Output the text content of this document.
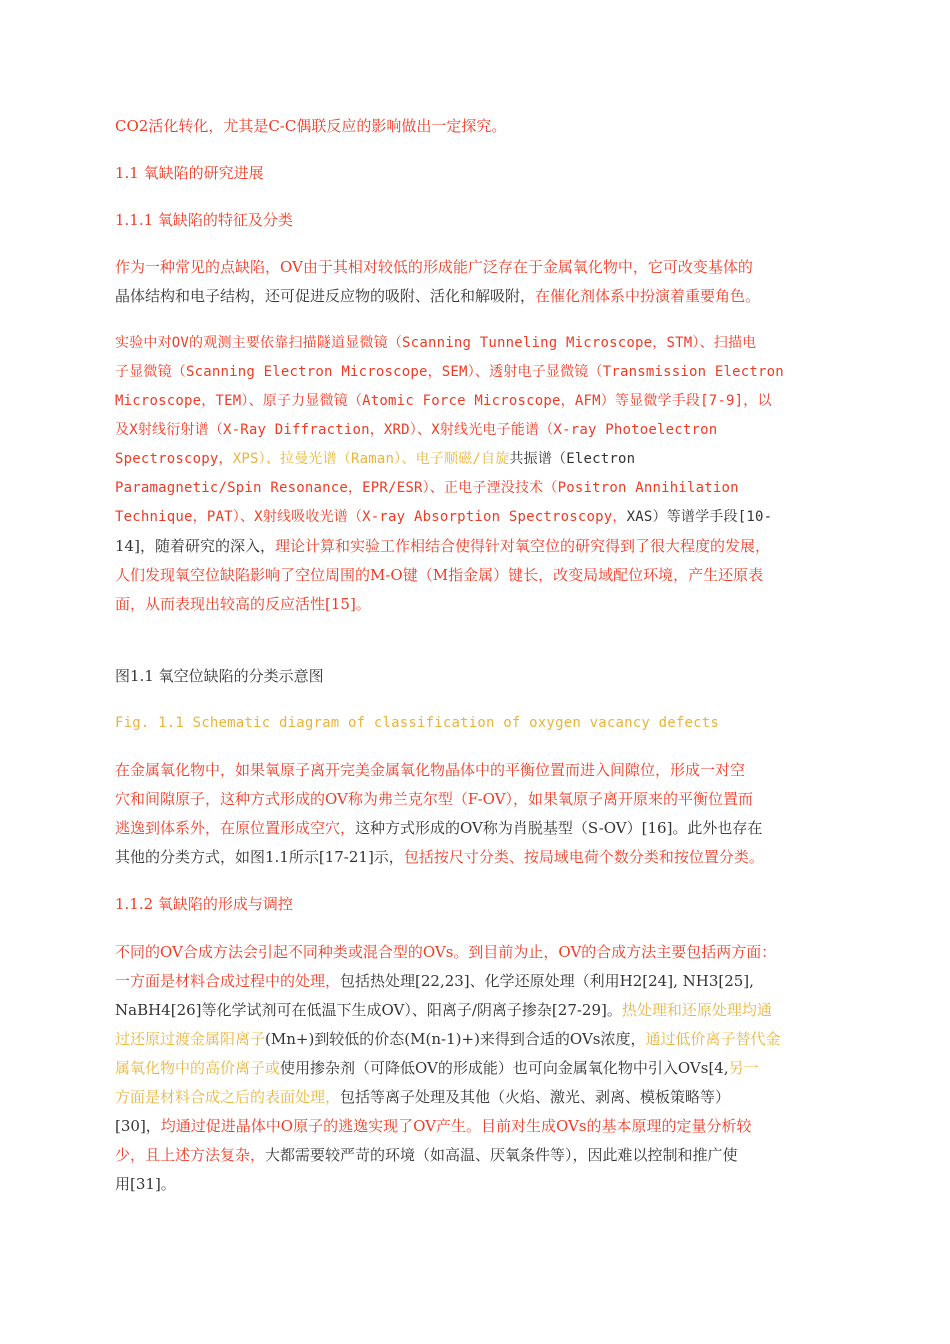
CO2活化转化，尤其是C-C偶联反应的影响做出一定探究。
1.1 氧缺陷的研究进展
1.1.1 氧缺陷的特征及分类
作为一种常见的点缺陷，OV由于其相对较低的形成能广泛存在于金属氧化物中，它可改变基体的
晶体结构和电子结构，还可促进反应物的吸附、活化和解吸附，在催化剂体系中扮演着重要角色。
实验中对OV的观测主要依靠扫描隧道显微镜（Scanning Tunneling Microscope，STM）、扫描电
子显微镜（Scanning Electron Microscope，SEM）、透射电子显微镜（Transmission Electron
Microscope，TEM）、原子力显微镜（Atomic Force Microscope，AFM）等显微学手段[7-9]，以
及X射线衍射谱（X-Ray Diffraction，XRD）、X射线光电子能谱（X-ray Photoelectron
Spectroscopy，XPS）、拉曼光谱（Raman）、电子顺磁/自旋共振谱（Electron
Paramagnetic/Spin Resonance，EPR/ESR）、正电子湮没技术（Positron Annihilation
Technique，PAT）、X射线吸收光谱（X-ray Absorption Spectroscopy，XAS）等谱学手段[10-
14]，随着研究的深入，理论计算和实验工作相结合使得针对氧空位的研究得到了很大程度的发展，
人们发现氧空位缺陷影响了空位周围的M-O键（M指金属）键长，改变局域配位环境，产生还原表
面，从而表现出较高的反应活性[15]。
图1.1 氧空位缺陷的分类示意图
Fig. 1.1 Schematic diagram of classification of oxygen vacancy defects
在金属氧化物中，如果氧原子离开完美金属氧化物晶体中的平衡位置而进入间隙位，形成一对空
穴和间隙原子，这种方式形成的OV称为弗兰克尔型（F-OV），如果氧原子离开原来的平衡位置而
逃逸到体系外，在原位置形成空穴，这种方式形成的OV称为肖脱基型（S-OV）[16]。此外也存在
其他的分类方式，如图1.1所示[17-21]示，包括按尺寸分类、按局域电荷个数分类和按位置分类。
1.1.2 氧缺陷的形成与调控
不同的OV合成方法会引起不同种类或混合型的OVs。到目前为止，OV的合成方法主要包括两方面：
一方面是材料合成过程中的处理，包括热处理[22,23]、化学还原处理（利用H2[24], NH3[25],
NaBH4[26]等化学试剂可在低温下生成OV）、阳离子/阴离子掺杂[27-29]。热处理和还原处理均通
过还原过渡金属阳离子(Mn+)到较低的价态(M(n-1)+)来得到合适的OVs浓度，通过低价离子替代金
属氧化物中的高价离子或使用掺杂剂（可降低OV的形成能）也可向金属氧化物中引入OVs[4,另一
方面是材料合成之后的表面处理，包括等离子处理及其他（火焰、激光、剥离、模板策略等）
[30]，均通过促进晶体中O原子的逃逸实现了OV产生。目前对生成OVs的基本原理的定量分析较
少，且上述方法复杂，大都需要较严苛的环境（如高温、厌氧条件等），因此难以控制和推广使
用[31]。
